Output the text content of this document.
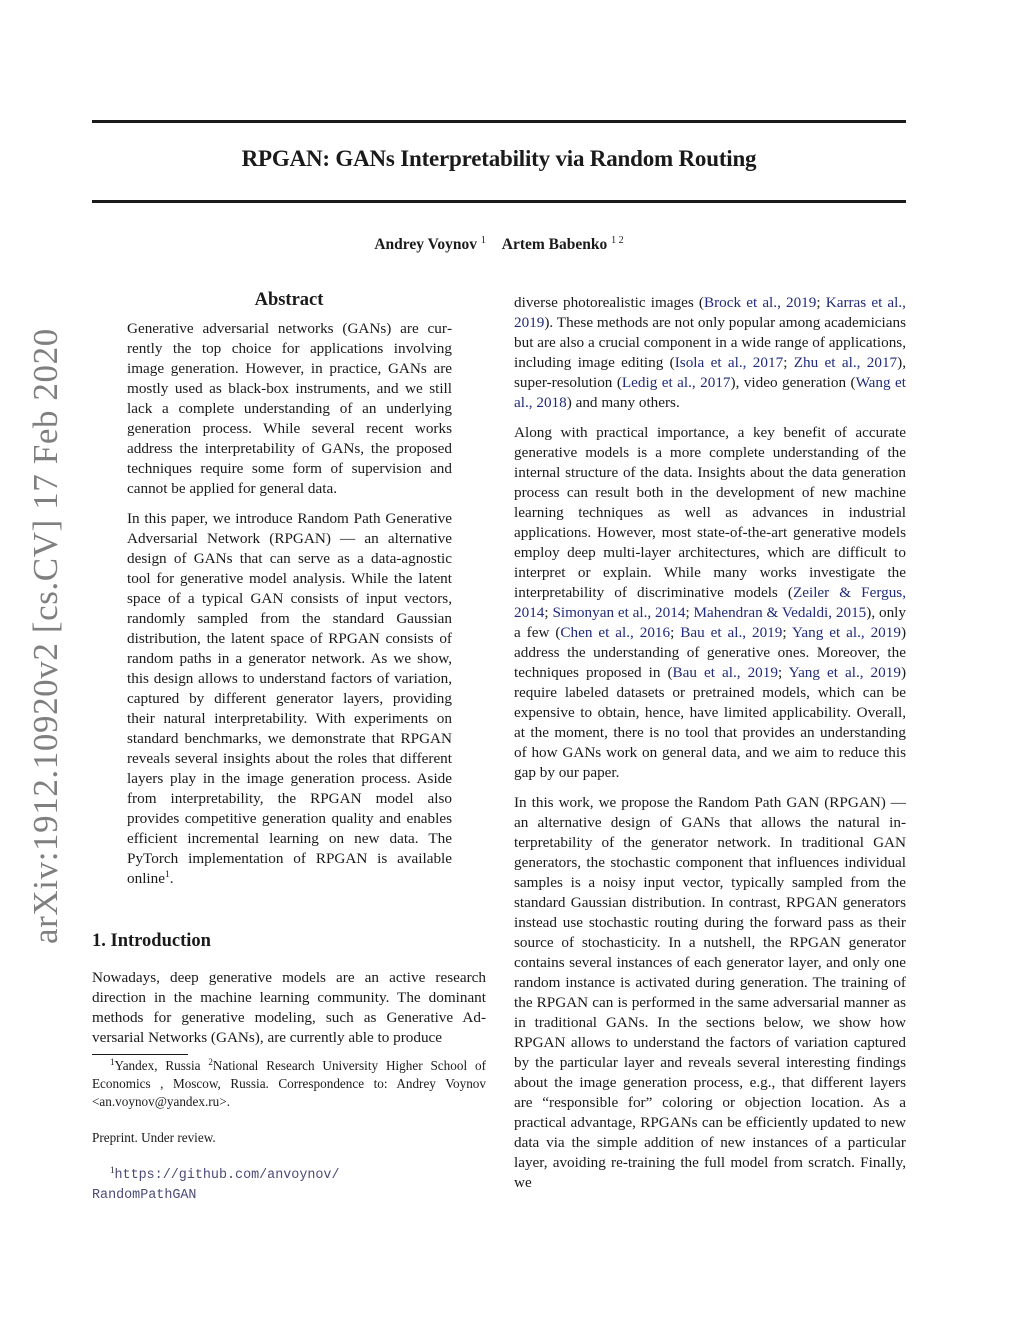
arXiv:1912.10920v2 [cs.CV] 17 Feb 2020
RPGAN: GANs Interpretability via Random Routing
Andrey Voynov $^1$ Artem Babenko $^{1 2}$
Abstract

Generative adversarial networks (GANs) are currently the top choice for applications involving image generation. However, in practice, GANs are mostly used as black-box instruments, and we still lack a complete understanding of an underlying generation process. While several recent works address the interpretability of GANs, the proposed techniques require some form of supervision and cannot be applied for general data.

In this paper, we introduce Random Path Generative Adversarial Network (RPGAN) — an alternative design of GANs that can serve as a data-agnostic tool for generative model analysis. While the latent space of a typical GAN consists of input vectors, randomly sampled from the standard Gaussian distribution, the latent space of RPGAN consists of random paths in a generator network. As we show, this design allows to understand factors of variation, captured by different generator layers, providing their natural interpretability. With experiments on standard benchmarks, we demonstrate that RPGAN reveals several insights about the roles that different layers play in the image generation process. Aside from interpretability, the RPGAN model also provides competitive generation quality and enables efficient incremental learning on new data. The PyTorch implementation of RPGAN is available online$^1$.

1. Introduction

Nowadays, deep generative models are an active research direction in the machine learning community. The dominant methods for generative modeling, such as Generative Adversarial Networks (GANs), are currently able to produce

$^1$Yandex, Russia $^2$National Research University Higher School of Economics , Moscow, Russia. Correspondence to: Andrey Voynov <an.voynov@yandex.ru>.

Preprint. Under review.

$^1$https://github.com/anvoynov/
RandomPathGAN

diverse photorealistic images (Brock et al., 2019; Karras et al., 2019). These methods are not only popular among academicians but are also a crucial component in a wide range of applications, including image editing (Isola et al., 2017; Zhu et al., 2017), super-resolution (Ledig et al., 2017), video generation (Wang et al., 2018) and many others.

Along with practical importance, a key benefit of accurate generative models is a more complete understanding of the internal structure of the data. Insights about the data generation process can result both in the development of new machine learning techniques as well as advances in industrial applications. However, most state-of-the-art generative models employ deep multi-layer architectures, which are difficult to interpret or explain. While many works investigate the interpretability of discriminative models (Zeiler & Fergus, 2014; Simonyan et al., 2014; Mahendran & Vedaldi, 2015), only a few (Chen et al., 2016; Bau et al., 2019; Yang et al., 2019) address the understanding of generative ones. Moreover, the techniques proposed in (Bau et al., 2019; Yang et al., 2019) require labeled datasets or pretrained models, which can be expensive to obtain, hence, have limited applicability. Overall, at the moment, there is no tool that provides an understanding of how GANs work on general data, and we aim to reduce this gap by our paper.

In this work, we propose the Random Path GAN (RPGAN) — an alternative design of GANs that allows the natural interpretability of the generator network. In traditional GAN generators, the stochastic component that influences individual samples is a noisy input vector, typically sampled from the standard Gaussian distribution. In contrast, RPGAN generators instead use stochastic routing during the forward pass as their source of stochasticity. In a nutshell, the RPGAN generator contains several instances of each generator layer, and only one random instance is activated during generation. The training of the RPGAN can is performed in the same adversarial manner as in traditional GANs. In the sections below, we show how RPGAN allows to understand the factors of variation captured by the particular layer and reveals several interesting findings about the image generation process, e.g., that different layers are “responsible for” coloring or objection location. As a practical advantage, RPGANs can be efficiently updated to new data via the simple addition of new instances of a particular layer, avoiding re-training the full model from scratch. Finally, we
